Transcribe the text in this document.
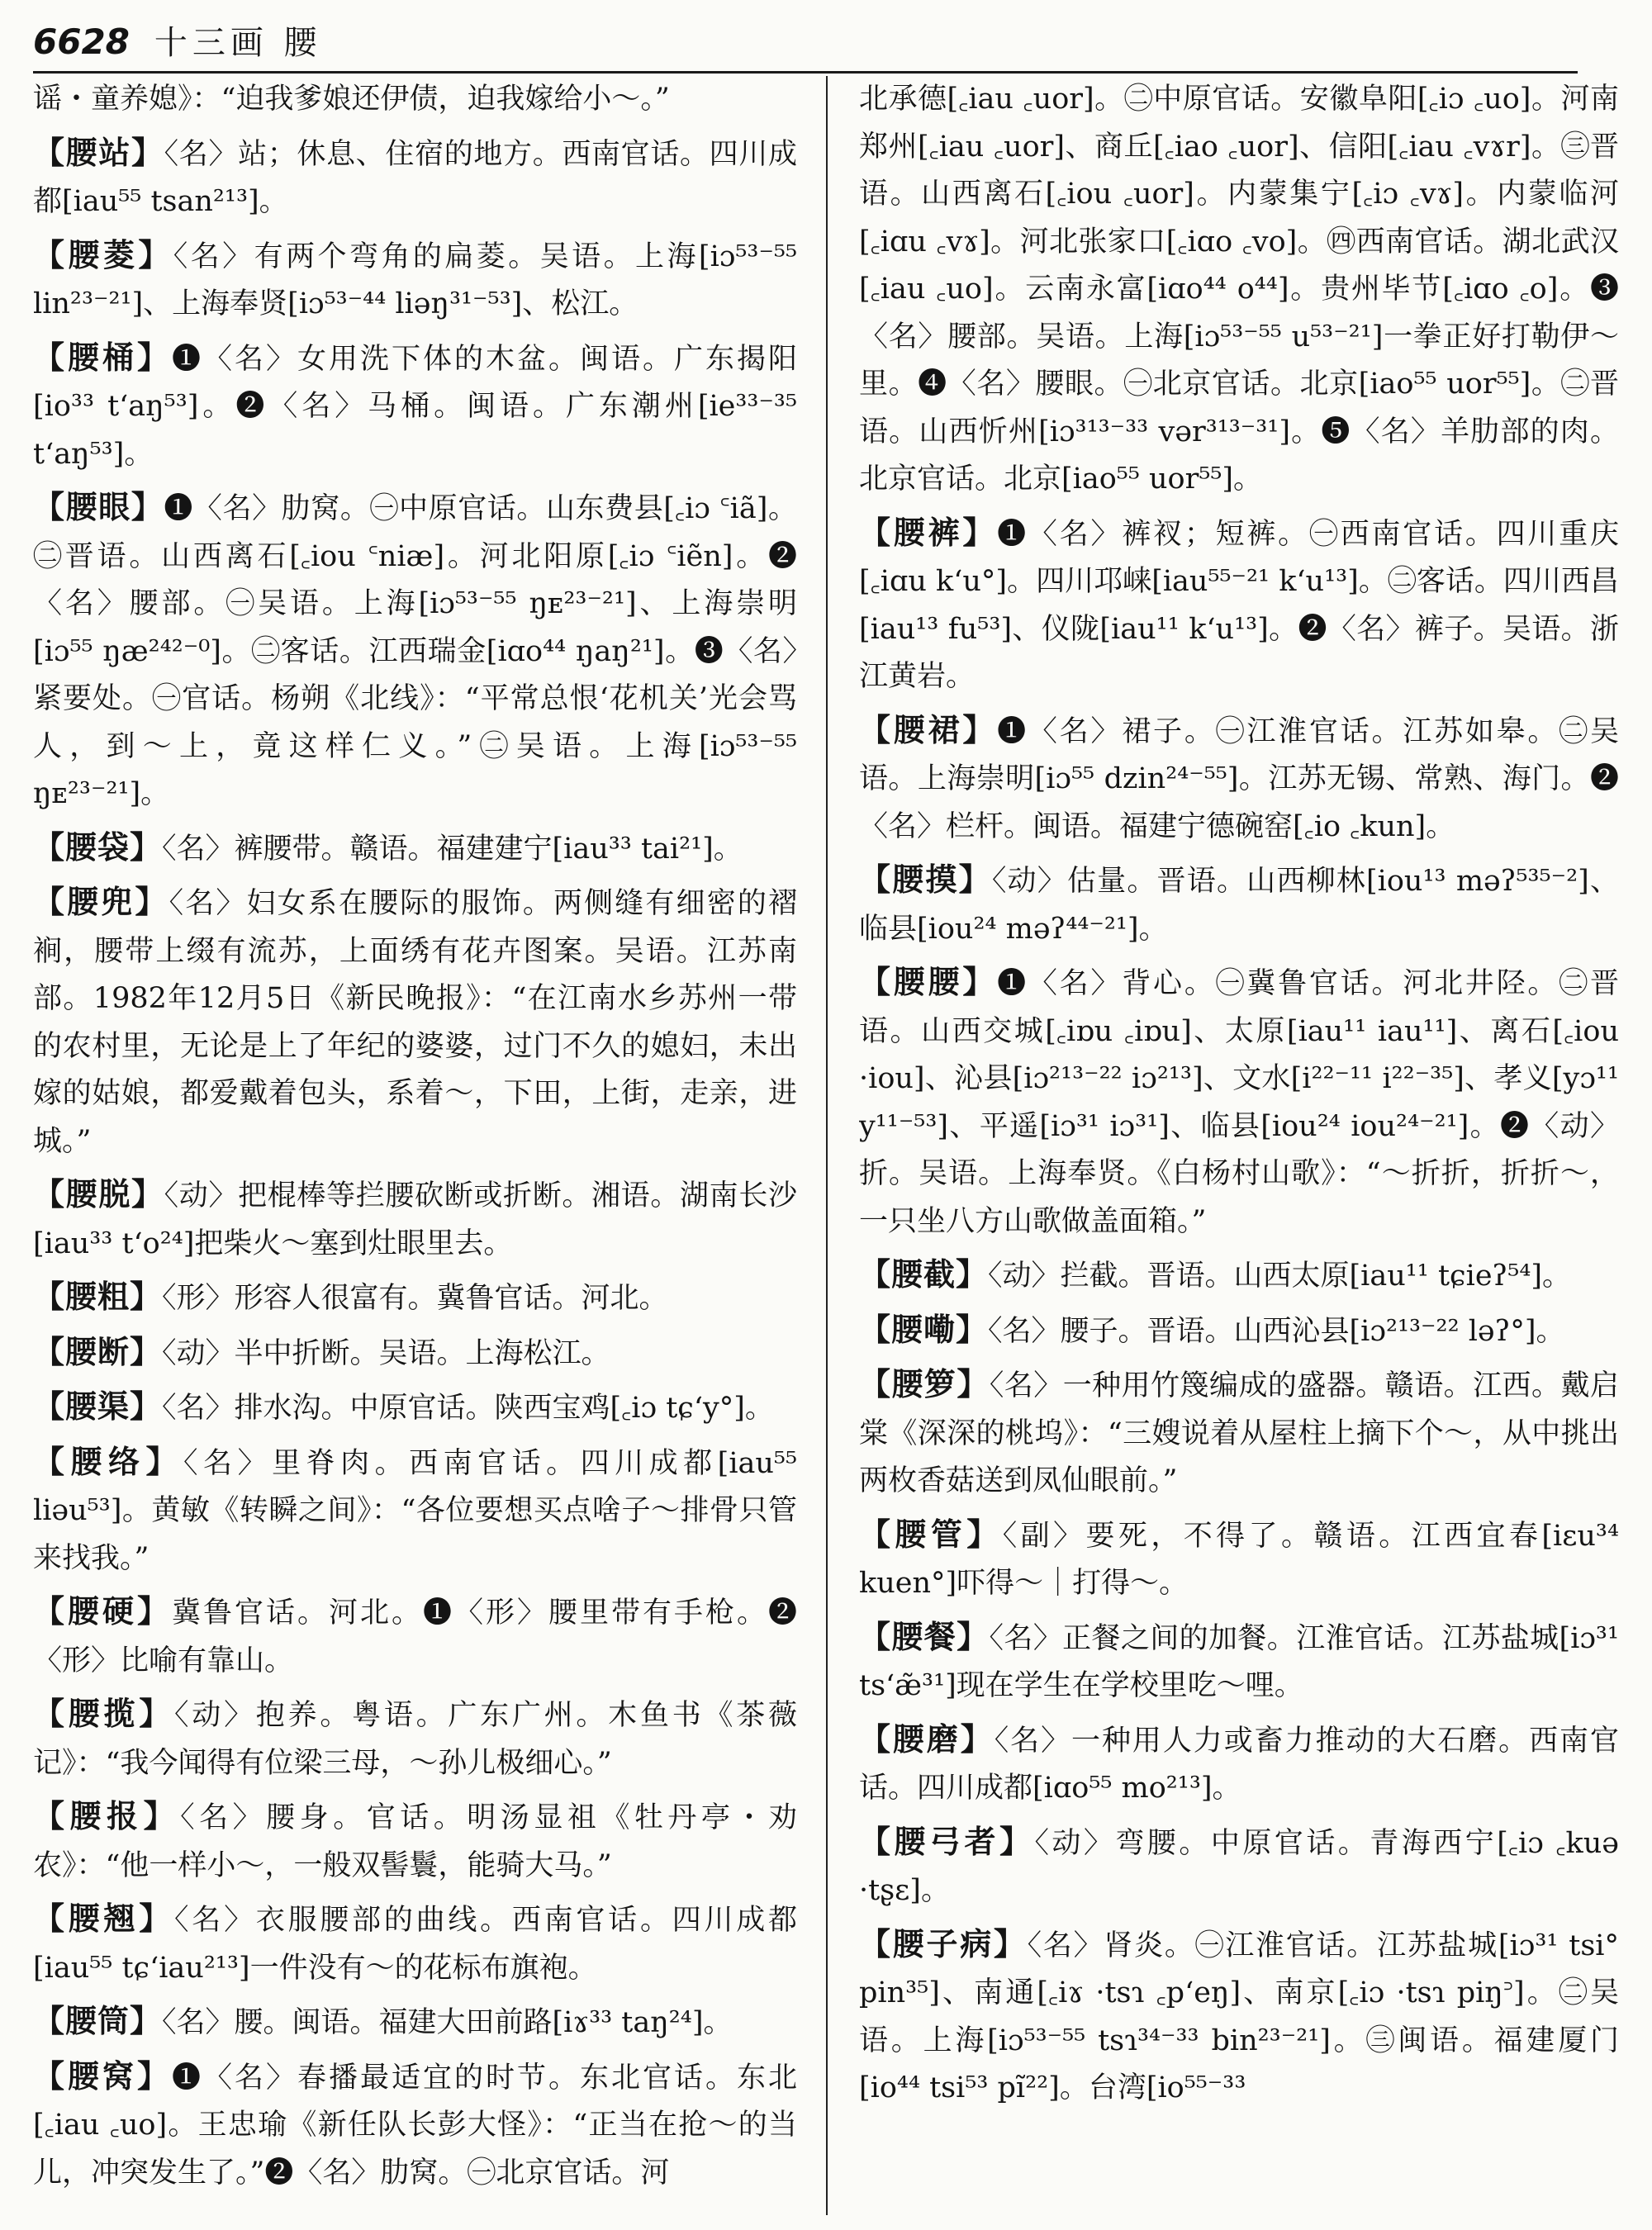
6628 十三画 腰
谣・童养媳》：“迫我爹娘还伊债，迫我嫁给小～。”
【腰站】〈名〉站；休息、住宿的地方。西南官话。四川成都[iau⁵⁵ tsan²¹³]。
【腰菱】〈名〉有两个弯角的扁菱。吴语。上海[iɔ⁵³⁻⁵⁵ lin²³⁻²¹]、上海奉贤[iɔ⁵³⁻⁴⁴ liəŋ³¹⁻⁵³]、松江。
【腰桶】❶〈名〉女用洗下体的木盆。闽语。广东揭阳[io³³ t‘aŋ⁵³]。❷〈名〉马桶。闽语。广东潮州[ie³³⁻³⁵ t‘aŋ⁵³]。
【腰眼】❶〈名〉肋窝。㊀中原官话。山东费县[꜀iɔ ꜂iã]。㊁晋语。山西离石[꜀iou ꜂niæ]。河北阳原[꜀iɔ ꜂iẽn]。❷〈名〉腰部。㊀吴语。上海[iɔ⁵³⁻⁵⁵ ŋᴇ²³⁻²¹]、上海崇明[iɔ⁵⁵ ŋæ²⁴²⁻⁰]。㊁客话。江西瑞金[iɑo⁴⁴ ŋaŋ²¹]。❸〈名〉紧要处。㊀官话。杨朔《北线》：“平常总恨‘花机关’光会骂人，到～上，竟这样仁义。”㊁吴语。上海[iɔ⁵³⁻⁵⁵ ŋᴇ²³⁻²¹]。
【腰袋】〈名〉裤腰带。赣语。福建建宁[iau³³ tai²¹]。
【腰兜】〈名〉妇女系在腰际的服饰。两侧缝有细密的褶裥，腰带上缀有流苏，上面绣有花卉图案。吴语。江苏南部。1982年12月5日《新民晚报》：“在江南水乡苏州一带的农村里，无论是上了年纪的婆婆，过门不久的媳妇，未出嫁的姑娘，都爱戴着包头，系着～，下田，上街，走亲，进城。”
【腰脱】〈动〉把棍棒等拦腰砍断或折断。湘语。湖南长沙[iau³³ t‘o²⁴]把柴火～塞到灶眼里去。
【腰粗】〈形〉形容人很富有。冀鲁官话。河北。
【腰断】〈动〉半中折断。吴语。上海松江。
【腰渠】〈名〉排水沟。中原官话。陕西宝鸡[꜀iɔ tɕ‘y°]。
【腰络】〈名〉里脊肉。西南官话。四川成都[iau⁵⁵ liəu⁵³]。黄敏《转瞬之间》：“各位要想买点啥子～排骨只管来找我。”
【腰硬】冀鲁官话。河北。❶〈形〉腰里带有手枪。❷〈形〉比喻有靠山。
【腰揽】〈动〉抱养。粤语。广东广州。木鱼书《茶薇记》：“我今闻得有位梁三母，～孙儿极细心。”
【腰报】〈名〉腰身。官话。明汤显祖《牡丹亭・劝农》：“他一样小～，一般双髻鬟，能骑大马。”
【腰翘】〈名〉衣服腰部的曲线。西南官话。四川成都[iau⁵⁵ tɕ‘iau²¹³]一件没有～的花标布旗袍。
【腰筒】〈名〉腰。闽语。福建大田前路[iɤ³³ taŋ²⁴]。
【腰窝】❶〈名〉春播最适宜的时节。东北官话。东北[꜀iau ꜀uo]。王忠瑜《新任队长彭大怪》：“正当在抢～的当儿，冲突发生了。”❷〈名〉肋窝。㊀北京官话。河
北承德[꜀iau ꜀uor]。㊁中原官话。安徽阜阳[꜀iɔ ꜀uo]。河南郑州[꜀iau ꜀uor]、商丘[꜀iao ꜀uor]、信阳[꜀iau ꜀vɤr]。㊂晋语。山西离石[꜀iou ꜀uor]。内蒙集宁[꜀iɔ ꜀vɤ]。内蒙临河[꜀iɑu ꜀vɤ]。河北张家口[꜀iɑo ꜀vo]。㊃西南官话。湖北武汉[꜀iau ꜀uo]。云南永富[iɑo⁴⁴ o⁴⁴]。贵州毕节[꜀iɑo ꜀o]。❸〈名〉腰部。吴语。上海[iɔ⁵³⁻⁵⁵ u⁵³⁻²¹]一拳正好打勒伊～里。❹〈名〉腰眼。㊀北京官话。北京[iao⁵⁵ uor⁵⁵]。㊁晋语。山西忻州[iɔ³¹³⁻³³ vər³¹³⁻³¹]。❺〈名〉羊肋部的肉。北京官话。北京[iao⁵⁵ uor⁵⁵]。
【腰裤】❶〈名〉裤衩；短裤。㊀西南官话。四川重庆[꜀iɑu k‘u°]。四川邛崃[iau⁵⁵⁻²¹ k‘u¹³]。㊁客话。四川西昌[iau¹³ fu⁵³]、仪陇[iau¹¹ k‘u¹³]。❷〈名〉裤子。吴语。浙江黄岩。
【腰裙】❶〈名〉裙子。㊀江淮官话。江苏如皋。㊁吴语。上海崇明[iɔ⁵⁵ dzin²⁴⁻⁵⁵]。江苏无锡、常熟、海门。❷〈名〉栏杆。闽语。福建宁德碗窑[꜀io ꜀kun]。
【腰摸】〈动〉估量。晋语。山西柳林[iou¹³ məʔ⁵³⁵⁻²]、临县[iou²⁴ məʔ⁴⁴⁻²¹]。
【腰腰】❶〈名〉背心。㊀冀鲁官话。河北井陉。㊁晋语。山西交城[꜀iɒu ꜀iɒu]、太原[iau¹¹ iau¹¹]、离石[꜀iou ·iou]、沁县[iɔ²¹³⁻²² iɔ²¹³]、文水[i²²⁻¹¹ i²²⁻³⁵]、孝义[yɔ¹¹ y¹¹⁻⁵³]、平遥[iɔ³¹ iɔ³¹]、临县[iou²⁴ iou²⁴⁻²¹]。❷〈动〉折。吴语。上海奉贤。《白杨村山歌》：“～折折，折折～，一只坐八方山歌做盖面箱。”
【腰截】〈动〉拦截。晋语。山西太原[iau¹¹ tɕieʔ⁵⁴]。
【腰嘞】〈名〉腰子。晋语。山西沁县[iɔ²¹³⁻²² ləʔ°]。
【腰箩】〈名〉一种用竹篾编成的盛器。赣语。江西。戴启棠《深深的桃坞》：“三嫂说着从屋柱上摘下个～，从中挑出两枚香菇送到凤仙眼前。”
【腰管】〈副〉要死，不得了。赣语。江西宜春[iɛu³⁴ kuen°]吓得～｜打得～。
【腰餐】〈名〉正餐之间的加餐。江淮官话。江苏盐城[iɔ³¹ ts‘æ̃³¹]现在学生在学校里吃～哩。
【腰磨】〈名〉一种用人力或畜力推动的大石磨。西南官话。四川成都[iɑo⁵⁵ mo²¹³]。
【腰弓者】〈动〉弯腰。中原官话。青海西宁[꜀iɔ ꜀kuə ·tʂɛ]。
【腰子病】〈名〉肾炎。㊀江淮官话。江苏盐城[iɔ³¹ tsi° pin³⁵]、南通[꜀iɤ ·tsɿ ꜀p‘eŋ]、南京[꜀iɔ ·tsɿ piŋ꜄]。㊁吴语。上海[iɔ⁵³⁻⁵⁵ tsɿ³⁴⁻³³ bin²³⁻²¹]。㊂闽语。福建厦门[io⁴⁴ tsi⁵³ pĩ²²]。台湾[io⁵⁵⁻³³
